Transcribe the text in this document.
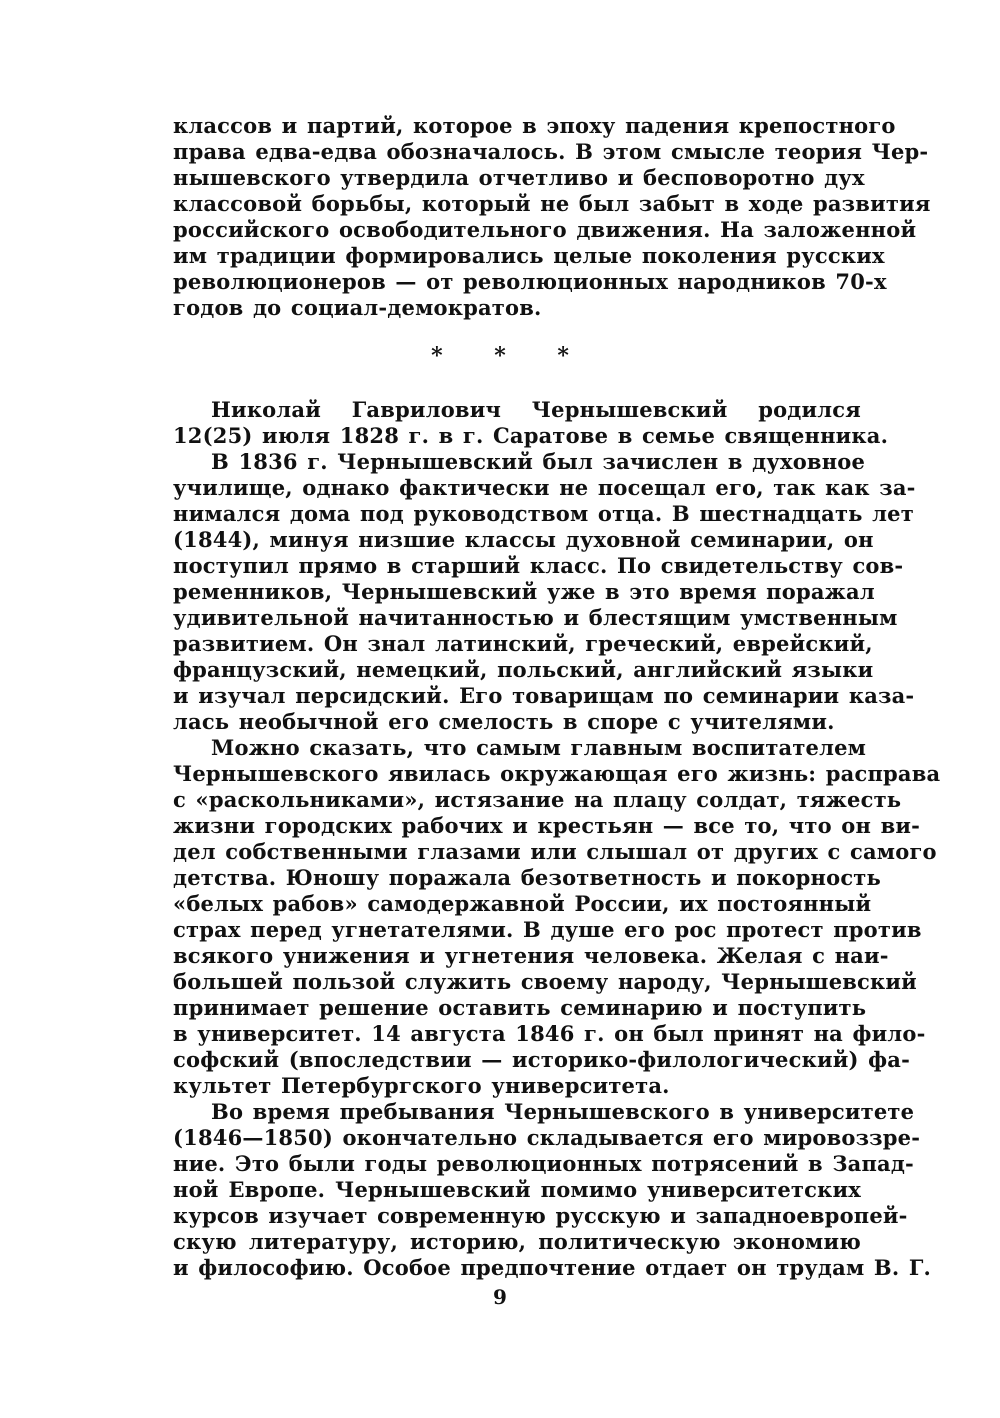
классов и партий, которое в эпоху падения крепостного
права едва-едва обозначалось. В этом смысле теория Чер-
нышевского утвердила отчетливо и бесповоротно дух
классовой борьбы, который не был забыт в ходе развития
российского освободительного движения. На заложенной
им традиции формировались целые поколения русских
революционеров — от революционных народников 70-х
годов до социал-демократов.
* * *
Николай Гаврилович Чернышевский родился
12(25) июля 1828 г. в г. Саратове в семье священника.
В 1836 г. Чернышевский был зачислен в духовное
училище, однако фактически не посещал его, так как за-
нимался дома под руководством отца. В шестнадцать лет
(1844), минуя низшие классы духовной семинарии, он
поступил прямо в старший класс. По свидетельству сов-
ременников, Чернышевский уже в это время поражал
удивительной начитанностью и блестящим умственным
развитием. Он знал латинский, греческий, еврейский,
французский, немецкий, польский, английский языки
и изучал персидский. Его товарищам по семинарии каза-
лась необычной его смелость в споре с учителями.
Можно сказать, что самым главным воспитателем
Чернышевского явилась окружающая его жизнь: расправа
с «раскольниками», истязание на плацу солдат, тяжесть
жизни городских рабочих и крестьян — все то, что он ви-
дел собственными глазами или слышал от других с самого
детства. Юношу поражала безответность и покорность
«белых рабов» самодержавной России, их постоянный
страх перед угнетателями. В душе его рос протест против
всякого унижения и угнетения человека. Желая с наи-
большей пользой служить своему народу, Чернышевский
принимает решение оставить семинарию и поступить
в университет. 14 августа 1846 г. он был принят на фило-
софский (впоследствии — историко-филологический) фа-
культет Петербургского университета.
Во время пребывания Чернышевского в университете
(1846—1850) окончательно складывается его мировоззре-
ние. Это были годы революционных потрясений в Запад-
ной Европе. Чернышевский помимо университетских
курсов изучает современную русскую и западноевропей-
скую литературу, историю, политическую экономию
и философию. Особое предпочтение отдает он трудам В. Г.
9
